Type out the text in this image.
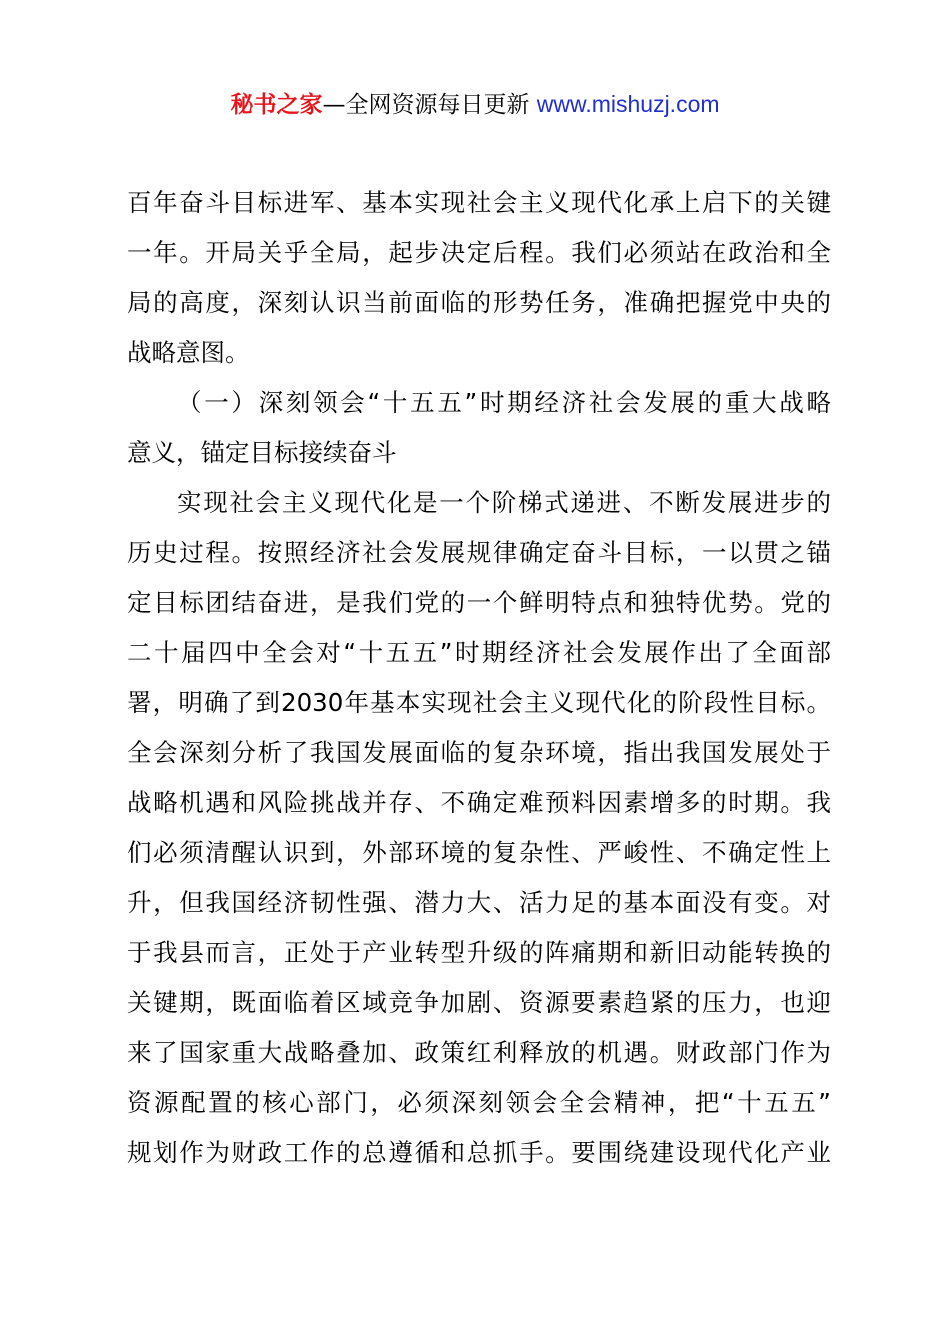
秘书之家—全网资源每日更新 www.mishuzj.com
百年奋斗目标进军、基本实现社会主义现代化承上启下的关键
一年。开局关乎全局，起步决定后程。我们必须站在政治和全
局的高度，深刻认识当前面临的形势任务，准确把握党中央的
战略意图。
（一）深刻领会“十五五”时期经济社会发展的重大战略
意义，锚定目标接续奋斗
实现社会主义现代化是一个阶梯式递进、不断发展进步的
历史过程。按照经济社会发展规律确定奋斗目标，一以贯之锚
定目标团结奋进，是我们党的一个鲜明特点和独特优势。党的
二十届四中全会对“十五五”时期经济社会发展作出了全面部
署，明确了到2030年基本实现社会主义现代化的阶段性目标。
全会深刻分析了我国发展面临的复杂环境，指出我国发展处于
战略机遇和风险挑战并存、不确定难预料因素增多的时期。我
们必须清醒认识到，外部环境的复杂性、严峻性、不确定性上
升，但我国经济韧性强、潜力大、活力足的基本面没有变。对
于我县而言，正处于产业转型升级的阵痛期和新旧动能转换的
关键期，既面临着区域竞争加剧、资源要素趋紧的压力，也迎
来了国家重大战略叠加、政策红利释放的机遇。财政部门作为
资源配置的核心部门，必须深刻领会全会精神，把“十五五”
规划作为财政工作的总遵循和总抓手。要围绕建设现代化产业
